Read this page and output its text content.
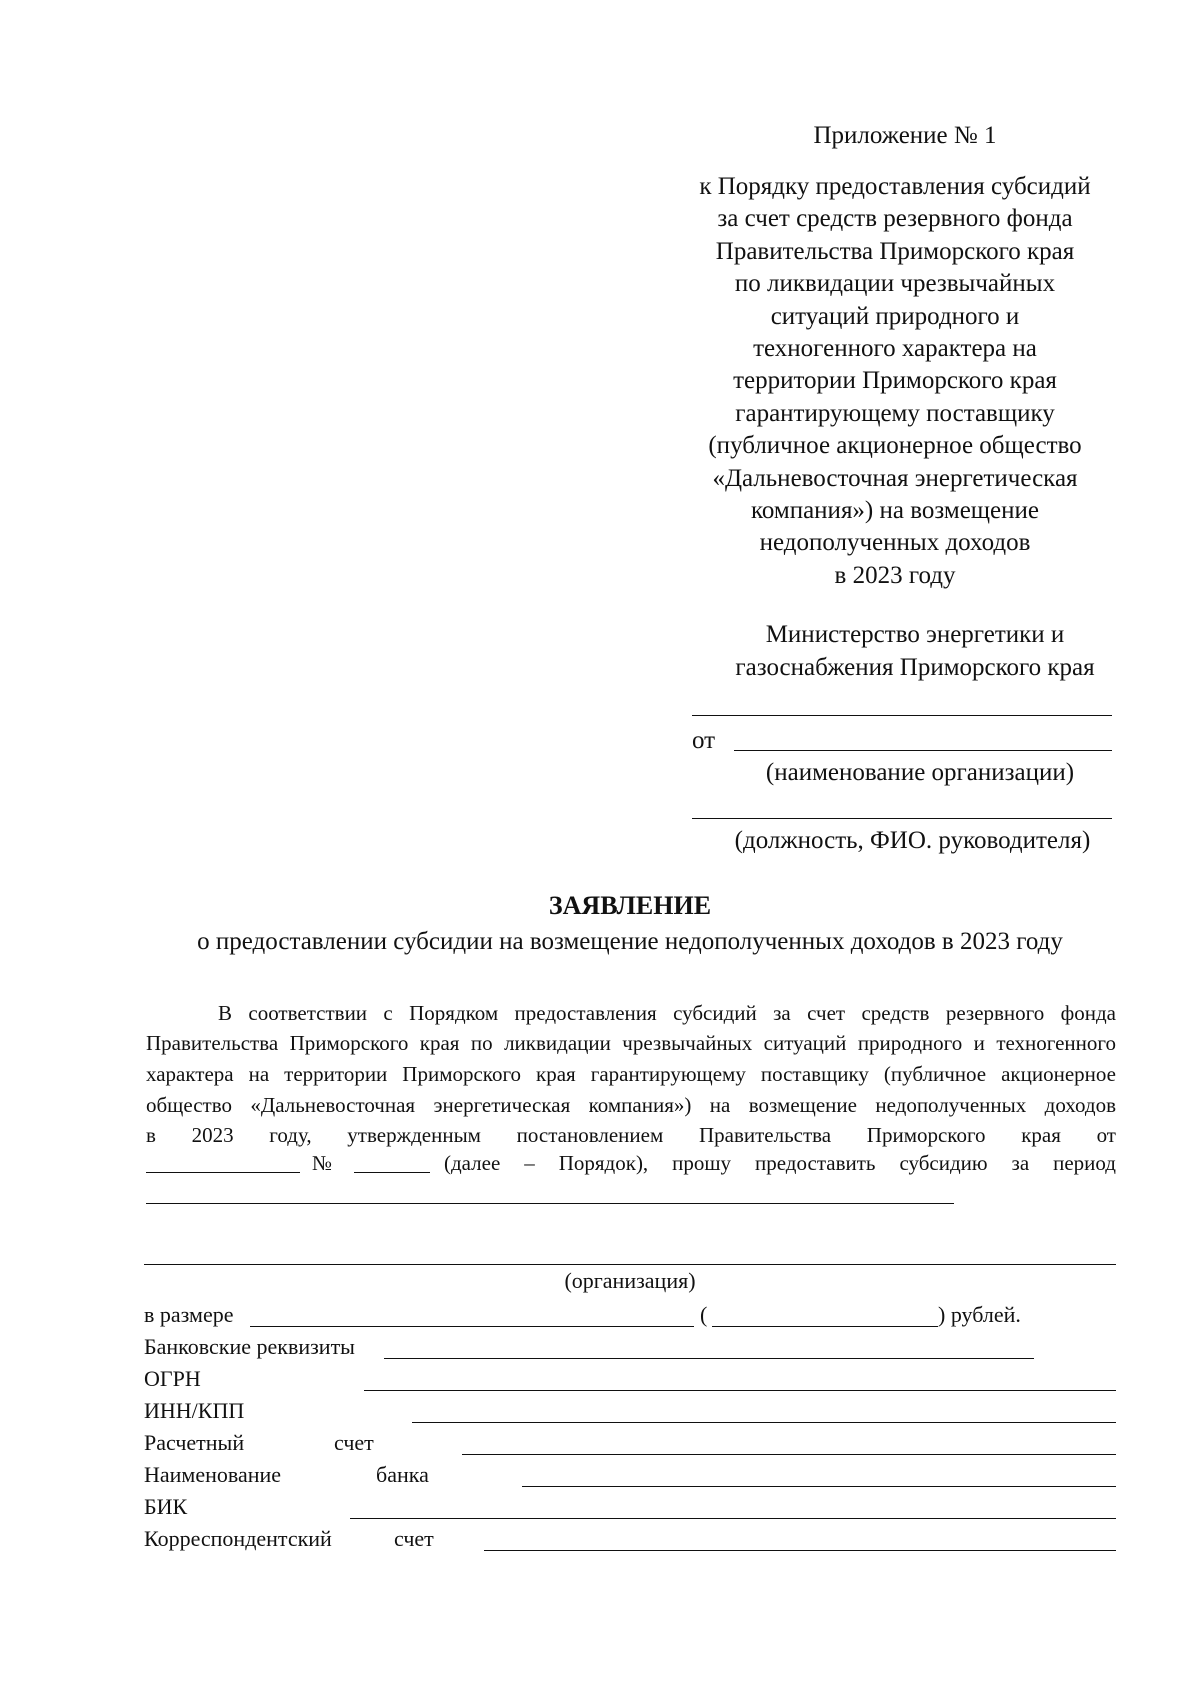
Приложение № 1
к Порядку предоставления субсидий
за счет средств резервного фонда
Правительства Приморского края
по ликвидации чрезвычайных
ситуаций природного и
техногенного характера на
территории Приморского края
гарантирующему поставщику
(публичное акционерное общество
«Дальневосточная энергетическая
компания») на возмещение
недополученных доходов
в 2023 году
Министерство энергетики и
газоснабжения Приморского края
от
(наименование организации)
(должность, ФИО. руководителя)
ЗАЯВЛЕНИЕ
о предоставлении субсидии на возмещение недополученных доходов в 2023 году
В соответствии с Порядком предоставления субсидий за счет средств резервного фонда
Правительства Приморского края по ликвидации чрезвычайных ситуаций природного и техногенного
характера на территории Приморского края гарантирующему поставщику (публичное акционерное
общество «Дальневосточная энергетическая компания») на возмещение недополученных доходов
в 2023 году, утвержденным постановлением Правительства Приморского края от
№	(далее – Порядок), прошу предоставить субсидию за период
(организация)
в размере	(	) рублей.
Банковские реквизиты
ОГРН
ИНН/КПП
Расчетный	счет
Наименование	банка
БИК
Корреспондентский	счет
